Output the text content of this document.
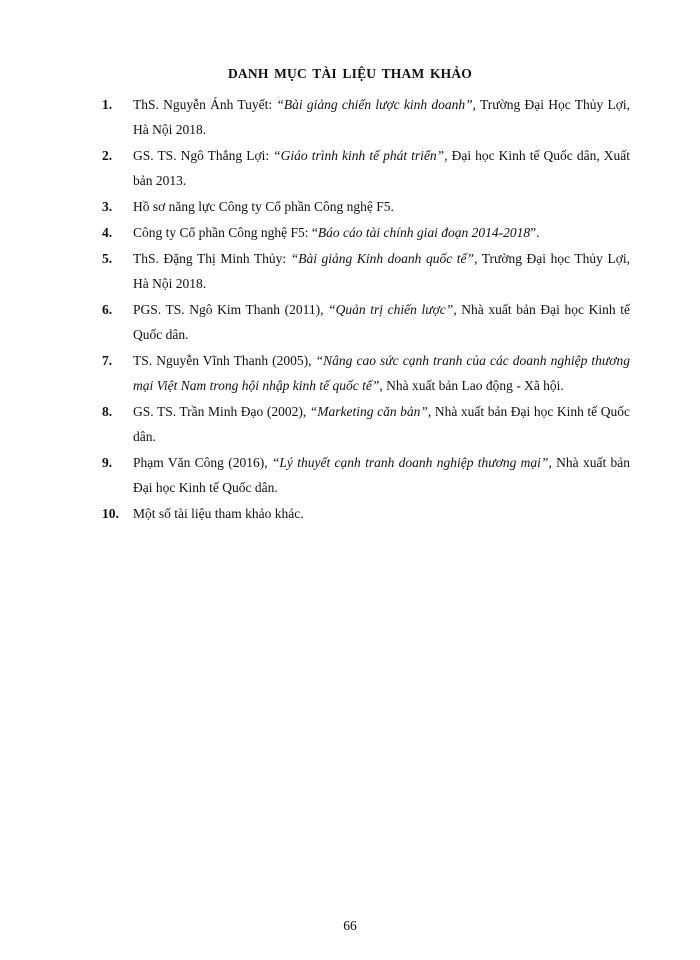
DANH MỤC TÀI LIỆU THAM KHẢO
1.	ThS. Nguyễn Ánh Tuyết: “Bài giảng chiến lược kinh doanh”, Trường Đại Học Thủy Lợi, Hà Nội 2018.
2.	GS. TS. Ngô Thắng Lợi: “Giáo trình kinh tế phát triển”, Đại học Kinh tế Quốc dân, Xuất bản 2013.
3.	Hồ sơ năng lực Công ty Cổ phần Công nghệ F5.
4.	Công ty Cổ phần Công nghệ F5: “Báo cáo tài chính giai đoạn 2014-2018”.
5.	ThS. Đặng Thị Minh Thủy: “Bài giảng Kinh doanh quốc tế”, Trường Đại học Thủy Lợi, Hà Nội 2018.
6.	PGS. TS. Ngô Kim Thanh (2011), “Quản trị chiến lược”, Nhà xuất bản Đại học Kinh tế Quốc dân.
7.	TS. Nguyễn Vĩnh Thanh (2005), “Nâng cao sức cạnh tranh của các doanh nghiệp thương mại Việt Nam trong hội nhập kinh tế quốc tế”, Nhà xuất bản Lao động - Xã hội.
8.	GS. TS. Trần Minh Đạo (2002), “Marketing căn bản”, Nhà xuất bản Đại học Kinh tế Quốc dân.
9.	Phạm Văn Công (2016), “Lý thuyết cạnh tranh doanh nghiệp thương mại”, Nhà xuất bản Đại học Kinh tế Quốc dân.
10.	Một số tài liệu tham khảo khác.
66
